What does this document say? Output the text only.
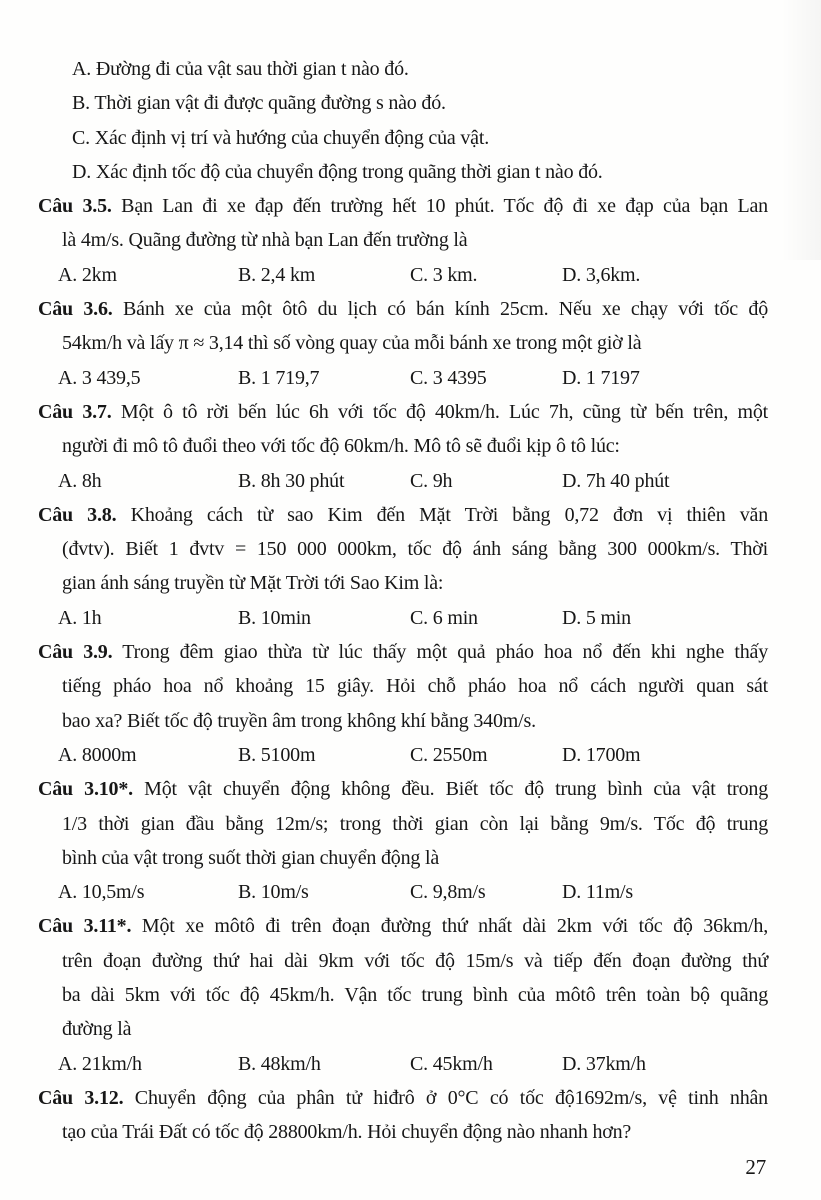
A. Đường đi của vật sau thời gian t nào đó.
B. Thời gian vật đi được quãng đường s nào đó.
C. Xác định vị trí và hướng của chuyển động của vật.
D. Xác định tốc độ của chuyển động trong quãng thời gian t nào đó.
Câu 3.5. Bạn Lan đi xe đạp đến trường hết 10 phút. Tốc độ đi xe đạp của bạn Lan
là 4m/s. Quãng đường từ nhà bạn Lan đến trường là
A. 2km	B. 2,4 km	C. 3 km.	D. 3,6km.
Câu 3.6. Bánh xe của một ôtô du lịch có bán kính 25cm. Nếu xe chạy với tốc độ
54km/h và lấy π ≈ 3,14 thì số vòng quay của mỗi bánh xe trong một giờ là
A. 3 439,5	B. 1 719,7	C. 3 4395	D. 1 7197
Câu 3.7. Một ô tô rời bến lúc 6h với tốc độ 40km/h. Lúc 7h, cũng từ bến trên, một
người đi mô tô đuổi theo với tốc độ 60km/h. Mô tô sẽ đuổi kịp ô tô lúc:
A. 8h	B. 8h 30 phút	C. 9h	D. 7h 40 phút
Câu 3.8. Khoảng cách từ sao Kim đến Mặt Trời bằng 0,72 đơn vị thiên văn
(đvtv). Biết 1 đvtv = 150 000 000km, tốc độ ánh sáng bằng 300 000km/s. Thời
gian ánh sáng truyền từ Mặt Trời tới Sao Kim là:
A. 1h	B. 10min	C. 6 min	D. 5 min
Câu 3.9. Trong đêm giao thừa từ lúc thấy một quả pháo hoa nổ đến khi nghe thấy
tiếng pháo hoa nổ khoảng 15 giây. Hỏi chỗ pháo hoa nổ cách người quan sát
bao xa? Biết tốc độ truyền âm trong không khí bằng 340m/s.
A. 8000m	B. 5100m	C. 2550m	D. 1700m
Câu 3.10*. Một vật chuyển động không đều. Biết tốc độ trung bình của vật trong
1/3 thời gian đầu bằng 12m/s; trong thời gian còn lại bằng 9m/s. Tốc độ trung
bình của vật trong suốt thời gian chuyển động là
A. 10,5m/s	B. 10m/s	C. 9,8m/s	D. 11m/s
Câu 3.11*. Một xe môtô đi trên đoạn đường thứ nhất dài 2km với tốc độ 36km/h,
trên đoạn đường thứ hai dài 9km với tốc độ 15m/s và tiếp đến đoạn đường thứ
ba dài 5km với tốc độ 45km/h. Vận tốc trung bình của môtô trên toàn bộ quãng
đường là
A. 21km/h	B. 48km/h	C. 45km/h	D. 37km/h
Câu 3.12. Chuyển động của phân tử hiđrô ở 0°C có tốc độ1692m/s, vệ tinh nhân
tạo của Trái Đất có tốc độ 28800km/h. Hỏi chuyển động nào nhanh hơn?
27
